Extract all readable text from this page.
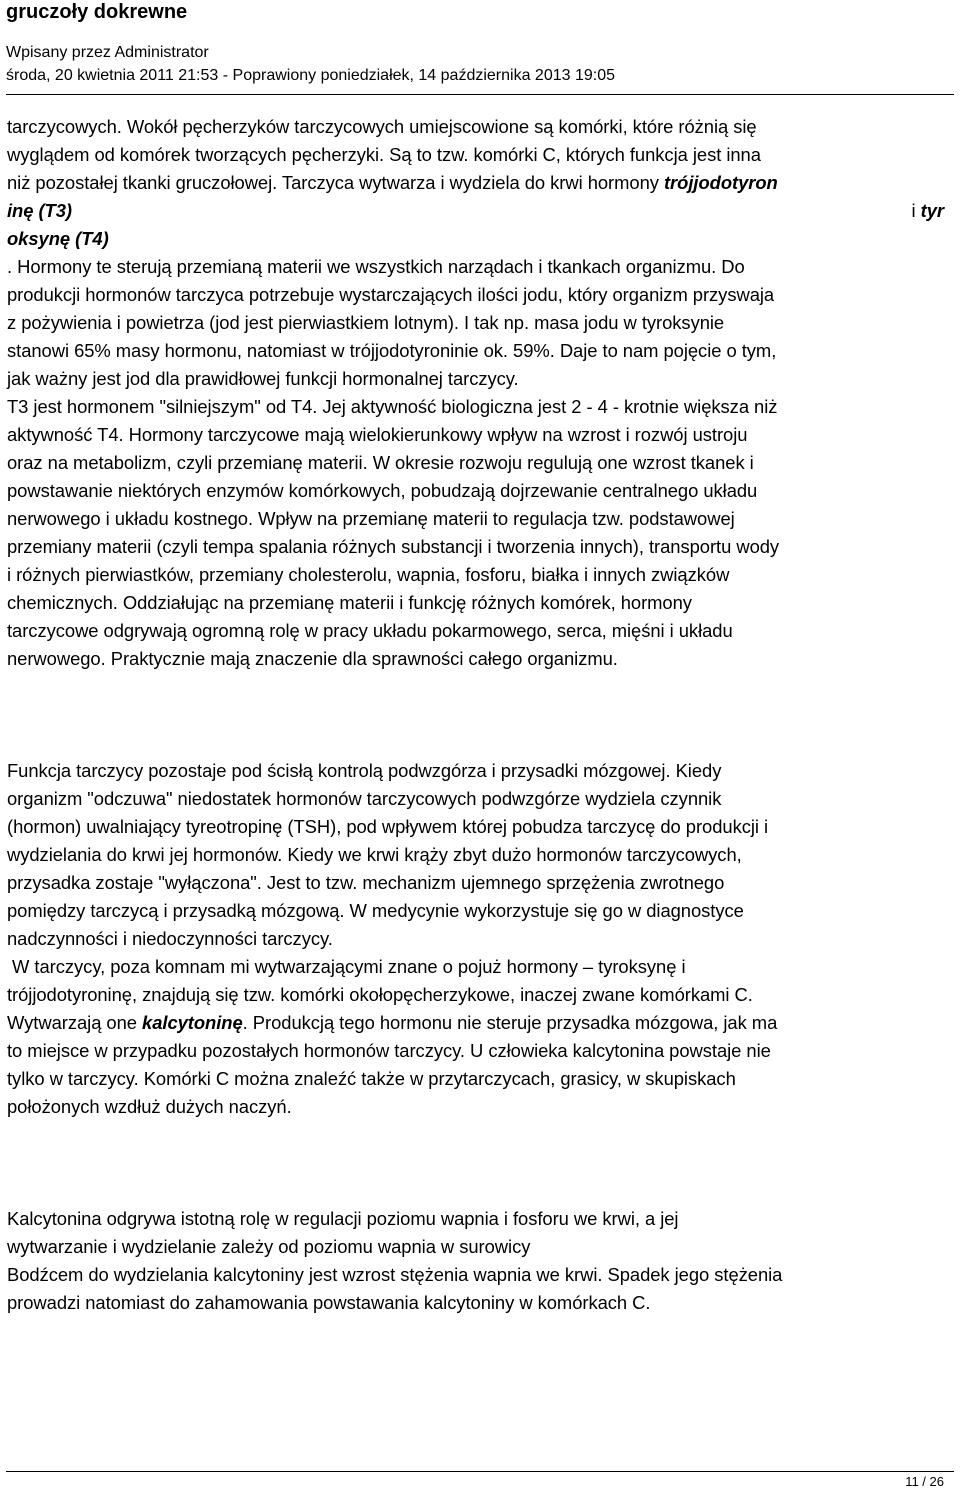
gruczoły dokrewne
Wpisany przez Administrator
środa, 20 kwietnia 2011 21:53 - Poprawiony poniedziałek, 14 października 2013 19:05
tarczycowych. Wokół pęcherzyków tarczycowych umiejscowione są komórki, które różnią się
wyglądem od komórek tworzących pęcherzyki. Są to tzw. komórki C, których funkcja jest inna
niż pozostałej tkanki gruczołowej. Tarczyca wytwarza i wydziela do krwi hormony trójjodotyron
inę (T3)	i tyr
oksynę (T4)
. Hormony te sterują przemianą materii we wszystkich narządach i tkankach organizmu. Do
produkcji hormonów tarczyca potrzebuje wystarczających ilości jodu, który organizm przyswaja
z pożywienia i powietrza (jod jest pierwiastkiem lotnym). I tak np. masa jodu w tyroksynie
stanowi 65% masy hormonu, natomiast w trójjodotyroninie ok. 59%. Daje to nam pojęcie o tym,
jak ważny jest jod dla prawidłowej funkcji hormonalnej tarczycy.
T3 jest hormonem "silniejszym" od T4. Jej aktywność biologiczna jest 2 - 4 - krotnie większa niż
aktywność T4. Hormony tarczycowe mają wielokierunkowy wpływ na wzrost i rozwój ustroju
oraz na metabolizm, czyli przemianę materii. W okresie rozwoju regulują one wzrost tkanek i
powstawanie niektórych enzymów komórkowych, pobudzają dojrzewanie centralnego układu
nerwowego i układu kostnego. Wpływ na przemianę materii to regulacja tzw. podstawowej
przemiany materii (czyli tempa spalania różnych substancji i tworzenia innych), transportu wody
i różnych pierwiastków, przemiany cholesterolu, wapnia, fosforu, białka i innych związków
chemicznych. Oddziałując na przemianę materii i funkcję różnych komórek, hormony
tarczycowe odgrywają ogromną rolę w pracy układu pokarmowego, serca, mięśni i układu
nerwowego. Praktycznie mają znaczenie dla sprawności całego organizmu.
Funkcja tarczycy pozostaje pod ścisłą kontrolą podwzgórza i przysadki mózgowej. Kiedy
organizm "odczuwa" niedostatek hormonów tarczycowych podwzgórze wydziela czynnik
(hormon) uwalniający tyreotropinę (TSH), pod wpływem której pobudza tarczycę do produkcji i
wydzielania do krwi jej hormonów. Kiedy we krwi krąży zbyt dużo hormonów tarczycowych,
przysadka zostaje "wyłączona". Jest to tzw. mechanizm ujemnego sprzężenia zwrotnego
pomiędzy tarczycą i przysadką mózgową. W medycynie wykorzystuje się go w diagnostyce
nadczynności i niedoczynności tarczycy.
W tarczycy, poza komnam mi wytwarzającymi znane o pojuż hormony – tyroksynę i
trójjodotyroninę, znajdują się tzw. komórki okołopęcherzykowe, inaczej zwane komórkami C.
Wytwarzają one kalcytoninę. Produkcją tego hormonu nie steruje przysadka mózgowa, jak ma
to miejsce w przypadku pozostałych hormonów tarczycy. U człowieka kalcytonina powstaje nie
tylko w tarczycy. Komórki C można znaleźć także w przytarczycach, grasicy, w skupiskach
położonych wzdłuż dużych naczyń.
Kalcytonina odgrywa istotną rolę w regulacji poziomu wapnia i fosforu we krwi, a jej
wytwarzanie i wydzielanie zależy od poziomu wapnia w surowicy
Bodźcem do wydzielania kalcytoniny jest wzrost stężenia wapnia we krwi. Spadek jego stężenia
prowadzi natomiast do zahamowania powstawania kalcytoniny w komórkach C.
11 / 26
